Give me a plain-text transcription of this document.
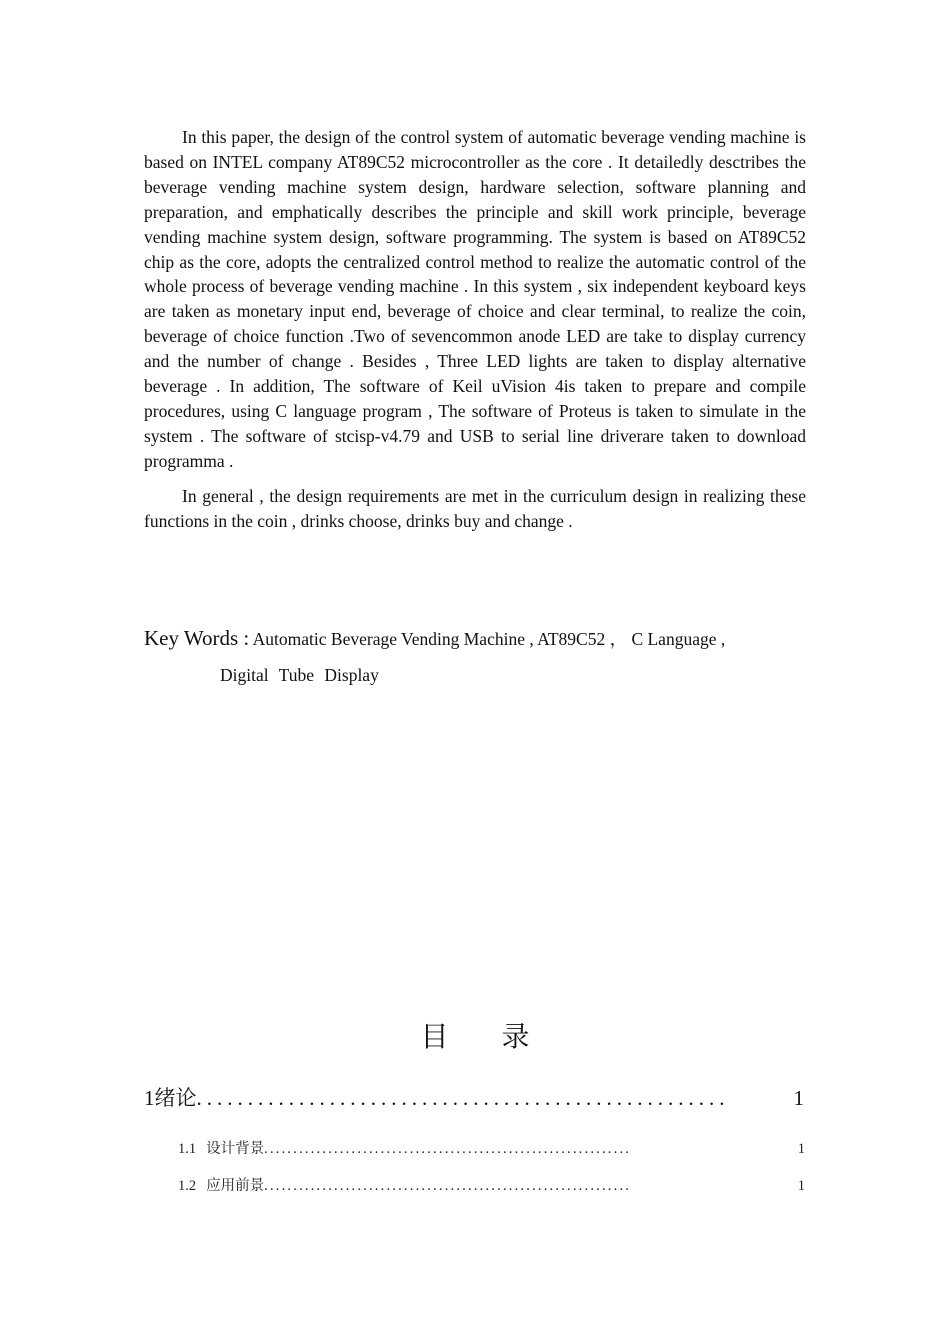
In this paper, the design of the control system of automatic beverage vending machine is based on INTEL company AT89C52 microcontroller as the core . It detailedly desctribes the beverage vending machine system design, hardware selection, software planning and preparation, and emphatically describes the principle and skill work principle, beverage vending machine system design, software programming. The system is based on AT89C52 chip as the core, adopts the centralized control method to realize the automatic control of the whole process of beverage vending machine . In this system , six independent keyboard keys are taken as monetary input end, beverage of choice and clear terminal, to realize the coin, beverage of choice function .Two of sevencommon anode LED are take to display currency and the number of change . Besides , Three LED lights are taken to display alternative beverage . In addition, The software of Keil uVision 4is taken to prepare and compile procedures, using C language program , The software of Proteus is taken to simulate in the system . The software of stcisp-v4.79 and USB to serial line driverare taken to download programma .

In general , the design requirements are met in the curriculum design in realizing these functions in the coin , drinks choose, drinks buy and change .

Key Words : Automatic Beverage Vending Machine , AT89C52 ， C Language ,
Digital Tube Display
目 录
1 绪论 ....................................................	1
1.1 设计背景 ...............................................................	1
1.2 应用前景 ...............................................................	1
